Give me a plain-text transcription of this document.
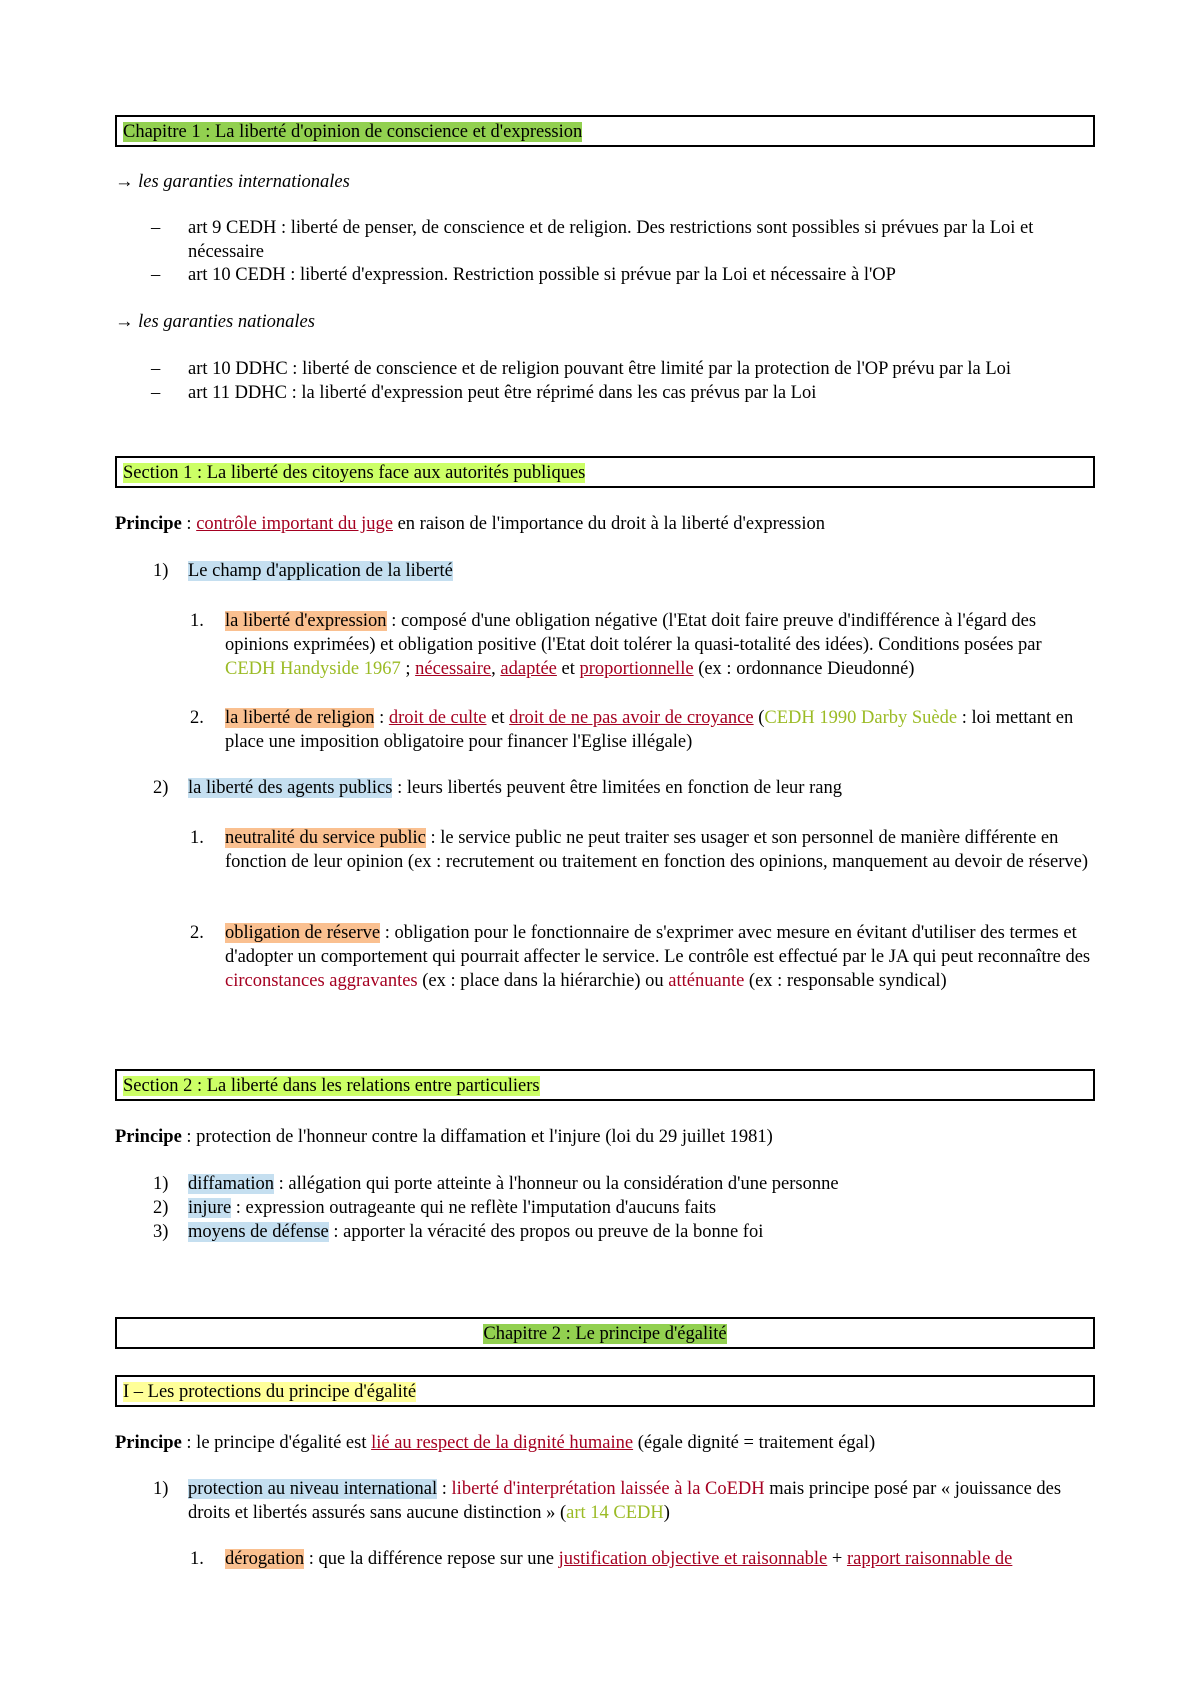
Chapitre 1 : La liberté d'opinion de conscience et d'expression
→ les garanties internationales
– art 9 CEDH : liberté de penser, de conscience et de religion. Des restrictions sont possibles si prévues par la Loi et nécessaire
– art 10 CEDH : liberté d'expression. Restriction possible si prévue par la Loi et nécessaire à l'OP
→ les garanties nationales
– art 10 DDHC : liberté de conscience et de religion pouvant être limité par la protection de l'OP prévu par la Loi
– art 11 DDHC : la liberté d'expression peut être réprimé dans les cas prévus par la Loi
Section 1 : La liberté des citoyens face aux autorités publiques
Principe : contrôle important du juge en raison de l'importance du droit à la liberté d'expression
1) Le champ d'application de la liberté
1. la liberté d'expression : composé d'une obligation négative (l'Etat doit faire preuve d'indifférence à l'égard des opinions exprimées) et obligation positive (l'Etat doit tolérer la quasi-totalité des idées). Conditions posées par CEDH Handyside 1967 ; nécessaire, adaptée et proportionnelle (ex : ordonnance Dieudonné)
2. la liberté de religion : droit de culte et droit de ne pas avoir de croyance (CEDH 1990 Darby Suède : loi mettant en place une imposition obligatoire pour financer l'Eglise illégale)
2) la liberté des agents publics : leurs libertés peuvent être limitées en fonction de leur rang
1. neutralité du service public : le service public ne peut traiter ses usager et son personnel de manière différente en fonction de leur opinion (ex : recrutement ou traitement en fonction des opinions, manquement au devoir de réserve)
2. obligation de réserve : obligation pour le fonctionnaire de s'exprimer avec mesure en évitant d'utiliser des termes et d'adopter un comportement qui pourrait affecter le service. Le contrôle est effectué par le JA qui peut reconnaître des circonstances aggravantes (ex : place dans la hiérarchie) ou atténuante (ex : responsable syndical)
Section 2 : La liberté dans les relations entre particuliers
Principe : protection de l'honneur contre la diffamation et l'injure (loi du 29 juillet 1981)
1) diffamation : allégation qui porte atteinte à l'honneur ou la considération d'une personne
2) injure : expression outrageante qui ne reflète l'imputation d'aucuns faits
3) moyens de défense : apporter la véracité des propos ou preuve de la bonne foi
Chapitre 2 : Le principe d'égalité
I – Les protections du principe d'égalité
Principe : le principe d'égalité est lié au respect de la dignité humaine (égale dignité = traitement égal)
1) protection au niveau international : liberté d'interprétation laissée à la CoEDH mais principe posé par « jouissance des droits et libertés assurés sans aucune distinction » (art 14 CEDH)
1. dérogation : que la différence repose sur une justification objective et raisonnable + rapport raisonnable de
